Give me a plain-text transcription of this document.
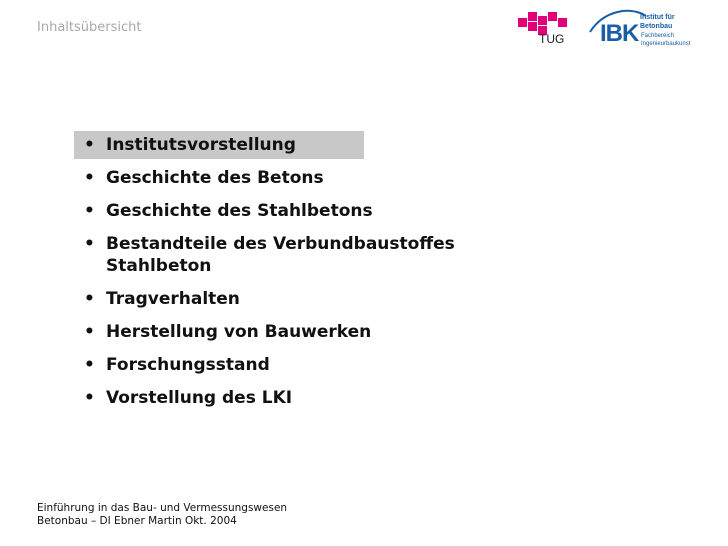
Inhaltsübersicht
TUG IBK
Institut für
Betonbau
Fachbereich
Ingenieurbaukunst
• Institutsvorstellung
• Geschichte des Betons
• Geschichte des Stahlbetons
• Bestandteile des Verbundbaustoffes Stahlbeton
• Tragverhalten
• Herstellung von Bauwerken
• Forschungsstand
• Vorstellung des LKI
Einführung in das Bau- und Vermessungswesen
Betonbau – DI Ebner Martin Okt. 2004
